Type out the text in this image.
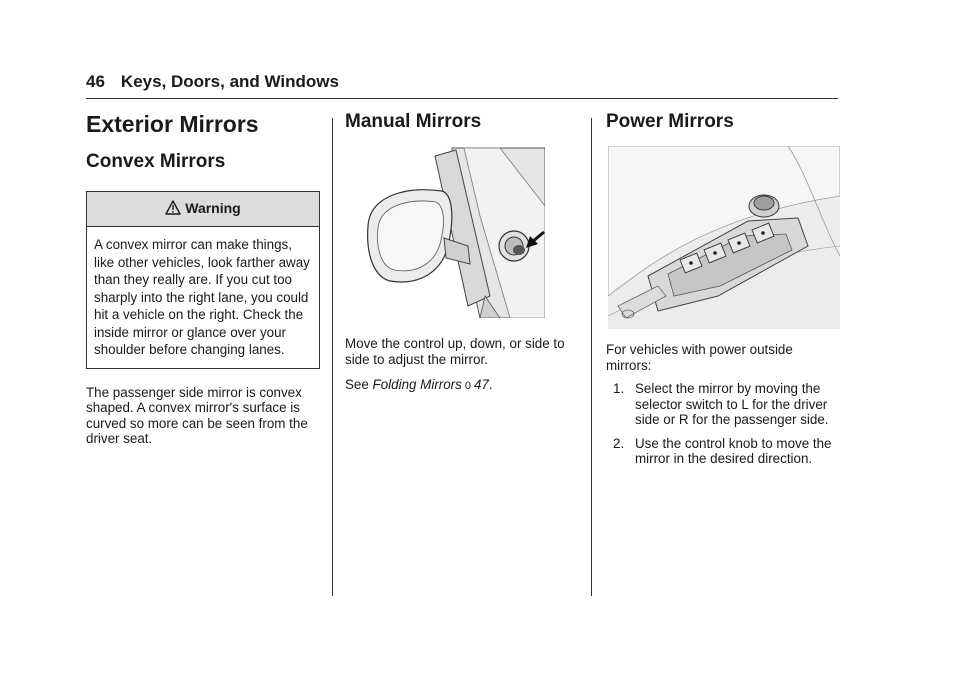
46 Keys, Doors, and Windows
Exterior Mirrors
Convex Mirrors
Warning
A convex mirror can make things, like other vehicles, look farther away than they really are. If you cut too sharply into the right lane, you could hit a vehicle on the right. Check the inside mirror or glance over your shoulder before changing lanes.

The passenger side mirror is convex shaped. A convex mirror's surface is curved so more can be seen from the driver seat.

Manual Mirrors

Move the control up, down, or side to side to adjust the mirror.

See Folding Mirrors 0 47.

Power Mirrors

For vehicles with power outside mirrors:

1. Select the mirror by moving the selector switch to L for the driver side or R for the passenger side.
2. Use the control knob to move the mirror in the desired direction.
